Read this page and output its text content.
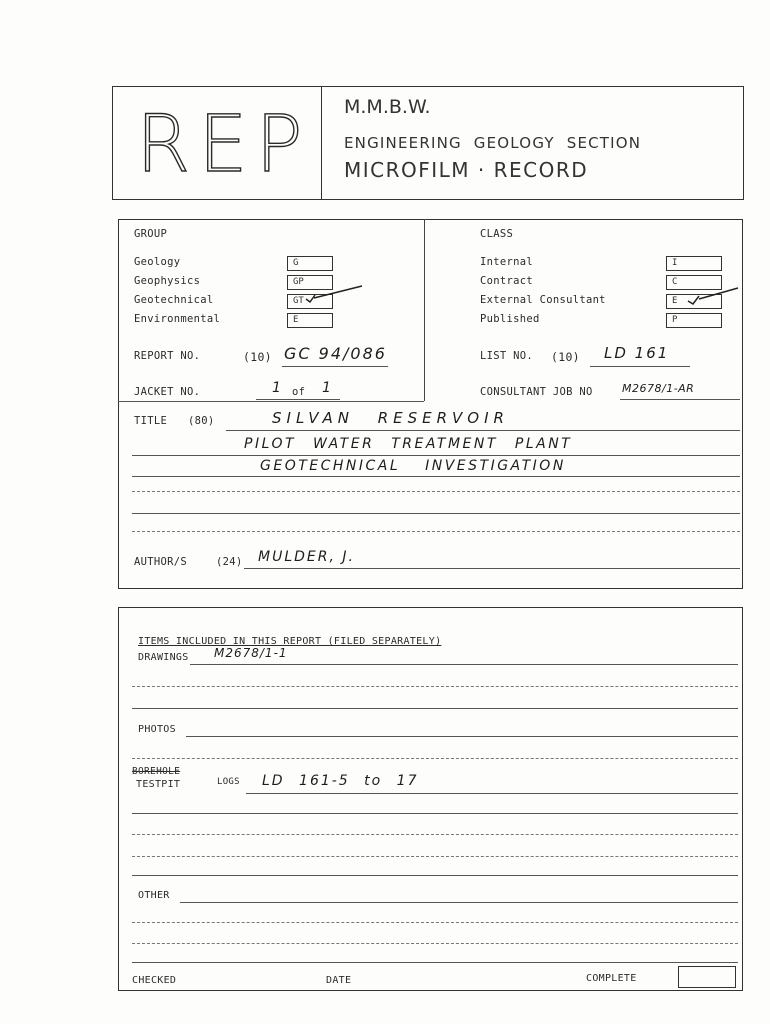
REP M.M.B.W.
ENGINEERING GEOLOGY SECTION
MICROFILM · RECORD
GROUP
Geology	G
Geophysics	GP
Geotechnical	GT
Environmental	E
CLASS
Internal	I
Contract	C
External Consultant	E
Published	P
REPORT NO.	(10) GC 94/086	LIST NO. (10) LD 161
JACKET NO.	1 of 1	CONSULTANT JOB NO	M2678/1-AR
TITLE (80)	SILVAN RESERVOIR
PILOT WATER TREATMENT PLANT
GEOTECHNICAL INVESTIGATION
AUTHOR/S	(24) MULDER, J.
ITEMS INCLUDED IN THIS REPORT (FILED SEPARATELY)
DRAWINGS M2678/1-1
PHOTOS
BOREHOLE
TESTPIT	LOGS LD 161-5 to 17
OTHER
CHECKED	DATE	COMPLETE
